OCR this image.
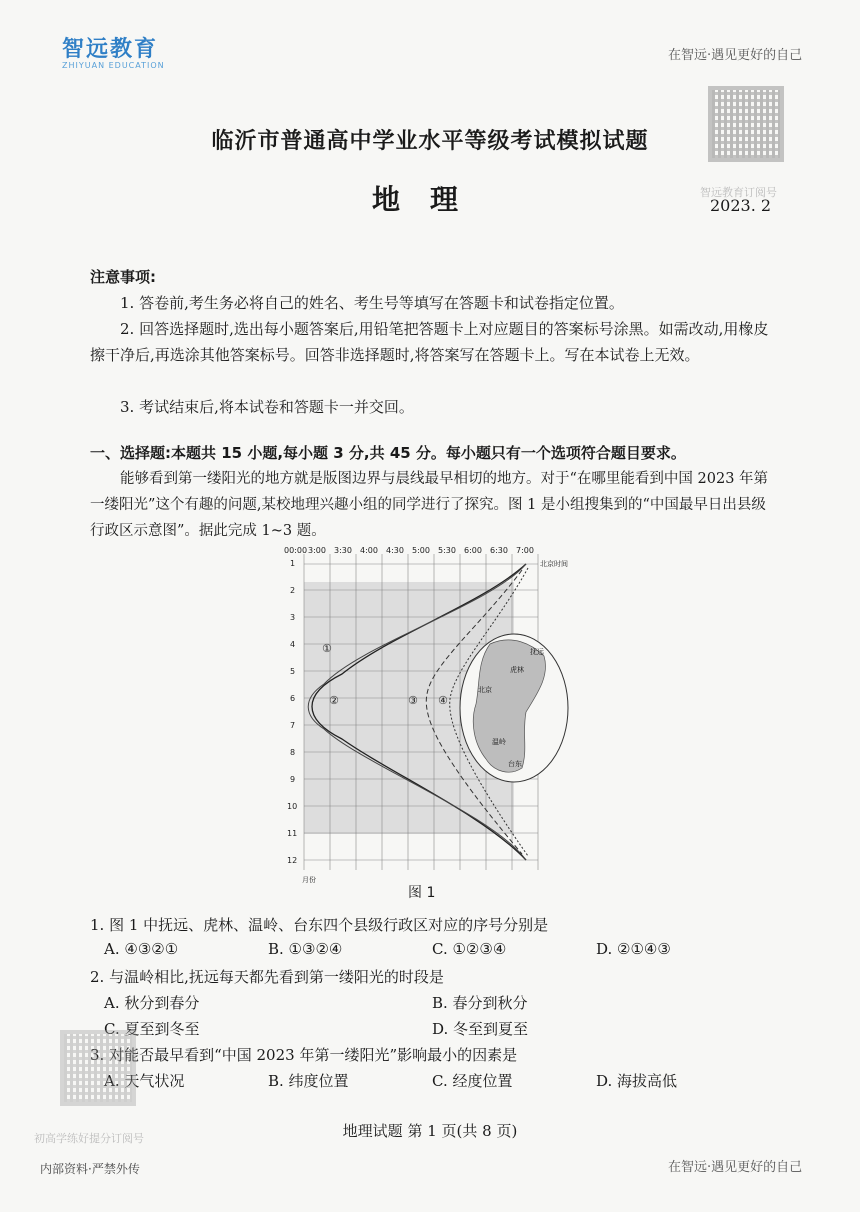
智远教育
ZHIYUAN EDUCATION
在智远·遇见更好的自己
智远教育订阅号
临沂市普通高中学业水平等级考试模拟试题
地理	2023. 2
注意事项:
1. 答卷前,考生务必将自己的姓名、考生号等填写在答题卡和试卷指定位置。
2. 回答选择题时,选出每小题答案后,用铅笔把答题卡上对应题目的答案标号涂黑。如需改动,用橡皮擦干净后,再选涂其他答案标号。回答非选择题时,将答案写在答题卡上。写在本试卷上无效。
3. 考试结束后,将本试卷和答题卡一并交回。
一、选择题:本题共 15 小题,每小题 3 分,共 45 分。每小题只有一个选项符合题目要求。
能够看到第一缕阳光的地方就是版图边界与晨线最早相切的地方。对于“在哪里能看到中国 2023 年第一缕阳光”这个有趣的问题,某校地理兴趣小组的同学进行了探究。图 1 是小组搜集到的“中国最早日出县级行政区示意图”。据此完成 1~3 题。
00:00 3:00 3:30 4:00 4:30 5:00 5:30 6:00 6:30 7:00
1
2
3
4
5
6
7
8
9
10
11
12
月份
北京时间
①
②	③ ④
抚远
虎林
北京
温岭
台东
图 1
1. 图 1 中抚远、虎林、温岭、台东四个县级行政区对应的序号分别是
A. ④③②①	B. ①③②④	C. ①②③④	D. ②①④③
2. 与温岭相比,抚远每天都先看到第一缕阳光的时段是
A. 秋分到春分	B. 春分到秋分
C. 夏至到冬至	D. 冬至到夏至
3. 对能否最早看到“中国 2023 年第一缕阳光”影响最小的因素是
A. 天气状况	B. 纬度位置	C. 经度位置	D. 海拔高低
初高学练好提分订阅号	地理试题 第 1 页(共 8 页)
内部资料·严禁外传	在智远·遇见更好的自己
